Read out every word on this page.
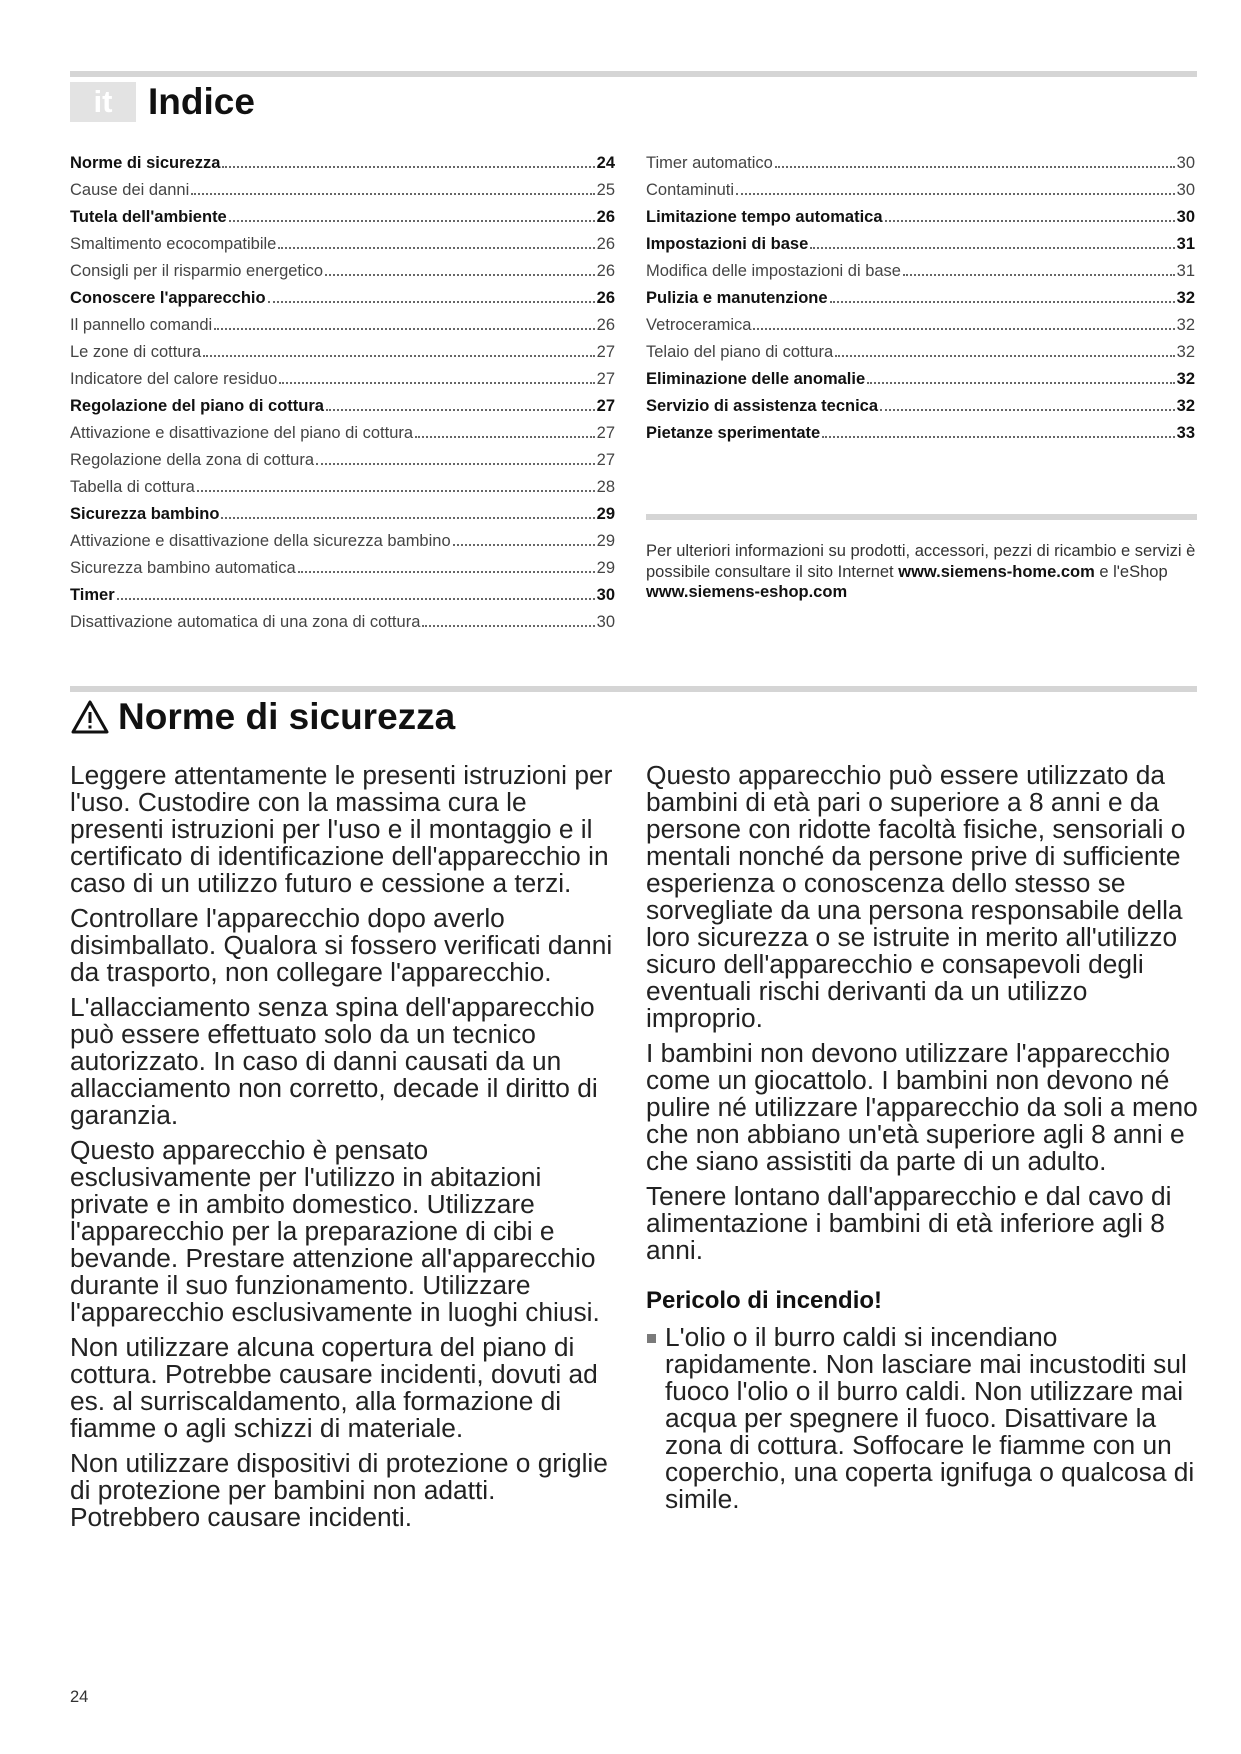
it Indice
Norme di sicurezza	24
Cause dei danni	25
Tutela dell'ambiente	26
Smaltimento ecocompatibile	26
Consigli per il risparmio energetico	26
Conoscere l'apparecchio	26
Il pannello comandi	26
Le zone di cottura	27
Indicatore del calore residuo	27
Regolazione del piano di cottura	27
Attivazione e disattivazione del piano di cottura	27
Regolazione della zona di cottura	27
Tabella di cottura	28
Sicurezza bambino	29
Attivazione e disattivazione della sicurezza bambino	29
Sicurezza bambino automatica	29
Timer	30
Disattivazione automatica di una zona di cottura	30
Timer automatico	30
Contaminuti	30
Limitazione tempo automatica	30
Impostazioni di base	31
Modifica delle impostazioni di base	31
Pulizia e manutenzione	32
Vetroceramica	32
Telaio del piano di cottura	32
Eliminazione delle anomalie	32
Servizio di assistenza tecnica	32
Pietanze sperimentate	33
Per ulteriori informazioni su prodotti, accessori, pezzi di ricambio e servizi è possibile consultare il sito Internet www.siemens-home.com e l'eShop www.siemens-eshop.com
Norme di sicurezza

Leggere attentamente le presenti istruzioni per l'uso. Custodire con la massima cura le presenti istruzioni per l'uso e il montaggio e il certificato di identificazione dell'apparecchio in caso di un utilizzo futuro e cessione a terzi.

Controllare l'apparecchio dopo averlo disimballato. Qualora si fossero verificati danni da trasporto, non collegare l'apparecchio.

L'allacciamento senza spina dell'apparecchio può essere effettuato solo da un tecnico autorizzato. In caso di danni causati da un allacciamento non corretto, decade il diritto di garanzia.

Questo apparecchio è pensato esclusivamente per l'utilizzo in abitazioni private e in ambito domestico. Utilizzare l'apparecchio per la preparazione di cibi e bevande. Prestare attenzione all'apparecchio durante il suo funzionamento. Utilizzare l'apparecchio esclusivamente in luoghi chiusi.

Non utilizzare alcuna copertura del piano di cottura. Potrebbe causare incidenti, dovuti ad es. al surriscaldamento, alla formazione di fiamme o agli schizzi di materiale.

Non utilizzare dispositivi di protezione o griglie di protezione per bambini non adatti. Potrebbero causare incidenti.

Questo apparecchio può essere utilizzato da bambini di età pari o superiore a 8 anni e da persone con ridotte facoltà fisiche, sensoriali o mentali nonché da persone prive di sufficiente esperienza o conoscenza dello stesso se sorvegliate da una persona responsabile della loro sicurezza o se istruite in merito all'utilizzo sicuro dell'apparecchio e consapevoli degli eventuali rischi derivanti da un utilizzo improprio.

I bambini non devono utilizzare l'apparecchio come un giocattolo. I bambini non devono né pulire né utilizzare l'apparecchio da soli a meno che non abbiano un'età superiore agli 8 anni e che siano assistiti da parte di un adulto.

Tenere lontano dall'apparecchio e dal cavo di alimentazione i bambini di età inferiore agli 8 anni.

Pericolo di incendio!
L'olio o il burro caldi si incendiano rapidamente. Non lasciare mai incustoditi sul fuoco l'olio o il burro caldi. Non utilizzare mai acqua per spegnere il fuoco. Disattivare la zona di cottura. Soffocare le fiamme con un coperchio, una coperta ignifuga o qualcosa di simile.
24
